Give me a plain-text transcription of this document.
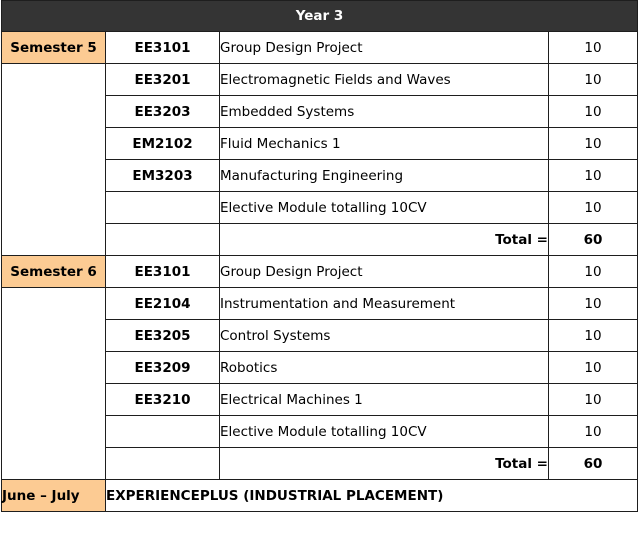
Year 3			
Semester 5	EE3101	Group Design Project	10
	EE3201	Electromagnetic Fields and Waves	10
	EE3203	Embedded Systems	10
	EM2102	Fluid Mechanics 1	10
	EM3203	Manufacturing Engineering	10
		Elective Module totalling 10CV	10
		Total =	60
Semester 6	EE3101	Group Design Project	10
	EE2104	Instrumentation and Measurement	10
	EE3205	Control Systems	10
	EE3209	Robotics	10
	EE3210	Electrical Machines 1	10
		Elective Module totalling 10CV	10
		Total =	60
June – July	EXPERIENCEPLUS (INDUSTRIAL PLACEMENT)		
